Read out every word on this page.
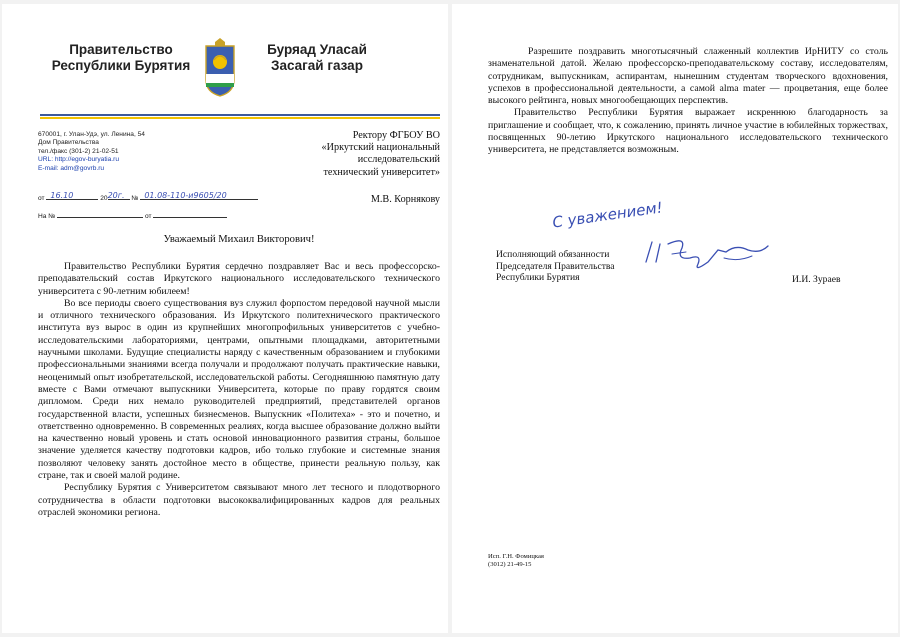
Правительство
Республики Бурятия
Буряад Уласай
Засагай газар
670001, г. Улан-Удэ, ул. Ленина, 54
Дом Правительства
тел./факс (301-2) 21-02-51
URL: http://egov-buryatia.ru
E-mail: adm@govrb.ru
Ректору ФГБОУ ВО
«Иркутский национальный
исследовательский
технический университет»
М.В. Корнякову
от 16.10	20 20г. № 01.08-110-и9605/20
На №	от
Уважаемый Михаил Викторович!

Правительство Республики Бурятия сердечно поздравляет Вас и весь профессорско-преподавательский состав Иркутского национального исследовательского технического университета с 90-летним юбилеем!

Во все периоды своего существования вуз служил форпостом передовой научной мысли и отличного технического образования. Из Иркутского политехнического практического института вуз вырос в один из крупнейших многопрофильных университетов с учебно-исследовательскими лабораториями, центрами, опытными площадками, авторитетными научными школами. Будущие специалисты наряду с качественным образованием и глубокими профессиональными знаниями всегда получали и продолжают получать практические навыки, неоценимый опыт изобретательской, исследовательской работы. Сегодняшнюю памятную дату вместе с Вами отмечают выпускники Университета, которые по праву гордятся своим дипломом. Среди них немало руководителей предприятий, представителей органов государственной власти, успешных бизнесменов. Выпускник «Политеха» - это и почетно, и ответственно одновременно. В современных реалиях, когда высшее образование должно выйти на качественно новый уровень и стать основой инновационного развития страны, большое значение уделяется качеству подготовки кадров, ибо только глубокие и системные знания позволяют человеку занять достойное место в обществе, принести реальную пользу, как стране, так и своей малой родине.

Республику Бурятия с Университетом связывают много лет тесного и плодотворного сотрудничества в области подготовки высококвалифицированных кадров для реальных отраслей экономики региона.

Разрешите поздравить многотысячный слаженный коллектив ИрНИТУ со столь знаменательной датой. Желаю профессорско-преподавательскому составу, исследователям, сотрудникам, выпускникам, аспирантам, нынешним студентам творческого вдохновения, успехов в профессиональной деятельности, а самой alma mater — процветания, еще более высокого рейтинга, новых многообещающих перспектив.

Правительство Республики Бурятия выражает искреннюю благодарность за приглашение и сообщает, что, к сожалению, принять личное участие в юбилейных торжествах, посвященных 90-летию Иркутского национального исследовательского технического университета, не представляется возможным.

С уважением!
Исполняющий обязанности
Председателя Правительства
Республики Бурятия	И.И. Зураев
Исп. Г.Н. Фомицкая
(3012) 21-49-15
